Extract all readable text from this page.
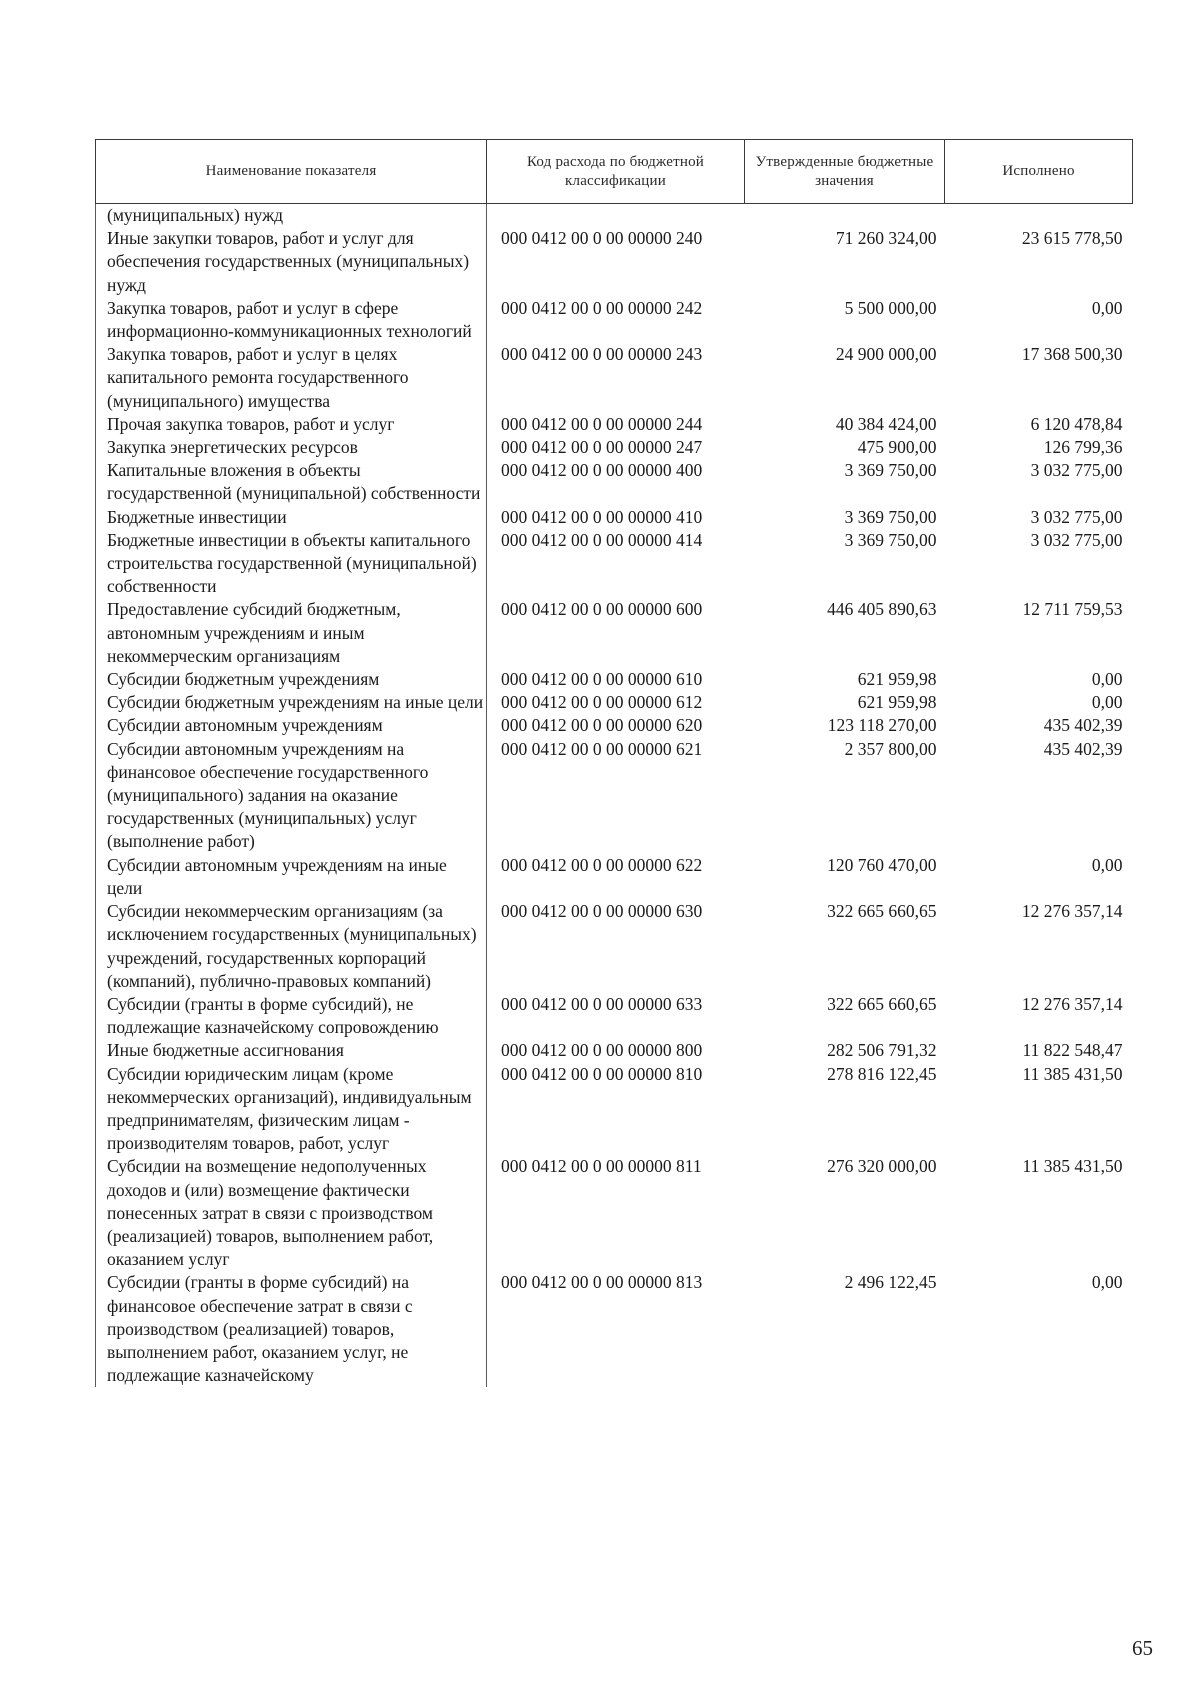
Наименование показателя	Код расхода по бюджетной классификации	Утвержденные бюджетные значения	Исполнено
(муниципальных) нужд			
Иные закупки товаров, работ и услуг для обеспечения государственных (муниципальных) нужд	000 0412 00 0 00 00000 240	71 260 324,00	23 615 778,50
Закупка товаров, работ и услуг в сфере информационно-коммуникационных технологий	000 0412 00 0 00 00000 242	5 500 000,00	0,00
Закупка товаров, работ и услуг в целях капитального ремонта государственного (муниципального) имущества	000 0412 00 0 00 00000 243	24 900 000,00	17 368 500,30
Прочая закупка товаров, работ и услуг	000 0412 00 0 00 00000 244	40 384 424,00	6 120 478,84
Закупка энергетических ресурсов	000 0412 00 0 00 00000 247	475 900,00	126 799,36
Капитальные вложения в объекты государственной (муниципальной) собственности	000 0412 00 0 00 00000 400	3 369 750,00	3 032 775,00
Бюджетные инвестиции	000 0412 00 0 00 00000 410	3 369 750,00	3 032 775,00
Бюджетные инвестиции в объекты капитального строительства государственной (муниципальной) собственности	000 0412 00 0 00 00000 414	3 369 750,00	3 032 775,00
Предоставление субсидий бюджетным, автономным учреждениям и иным некоммерческим организациям	000 0412 00 0 00 00000 600	446 405 890,63	12 711 759,53
Субсидии бюджетным учреждениям	000 0412 00 0 00 00000 610	621 959,98	0,00
Субсидии бюджетным учреждениям на иные цели	000 0412 00 0 00 00000 612	621 959,98	0,00
Субсидии автономным учреждениям	000 0412 00 0 00 00000 620	123 118 270,00	435 402,39
Субсидии автономным учреждениям на финансовое обеспечение государственного (муниципального) задания на оказание государственных (муниципальных) услуг (выполнение работ)	000 0412 00 0 00 00000 621	2 357 800,00	435 402,39
Субсидии автономным учреждениям на иные цели	000 0412 00 0 00 00000 622	120 760 470,00	0,00
Субсидии некоммерческим организациям (за исключением государственных (муниципальных) учреждений, государственных корпораций (компаний), публично-правовых компаний)	000 0412 00 0 00 00000 630	322 665 660,65	12 276 357,14
Субсидии (гранты в форме субсидий), не подлежащие казначейскому сопровождению	000 0412 00 0 00 00000 633	322 665 660,65	12 276 357,14
Иные бюджетные ассигнования	000 0412 00 0 00 00000 800	282 506 791,32	11 822 548,47
Субсидии юридическим лицам (кроме некоммерческих организаций), индивидуальным предпринимателям, физическим лицам - производителям товаров, работ, услуг	000 0412 00 0 00 00000 810	278 816 122,45	11 385 431,50
Субсидии на возмещение недополученных доходов и (или) возмещение фактически понесенных затрат в связи с производством (реализацией) товаров, выполнением работ, оказанием услуг	000 0412 00 0 00 00000 811	276 320 000,00	11 385 431,50
Субсидии (гранты в форме субсидий) на финансовое обеспечение затрат в связи с производством (реализацией) товаров, выполнением работ, оказанием услуг, не подлежащие казначейскому	000 0412 00 0 00 00000 813	2 496 122,45	0,00
65
